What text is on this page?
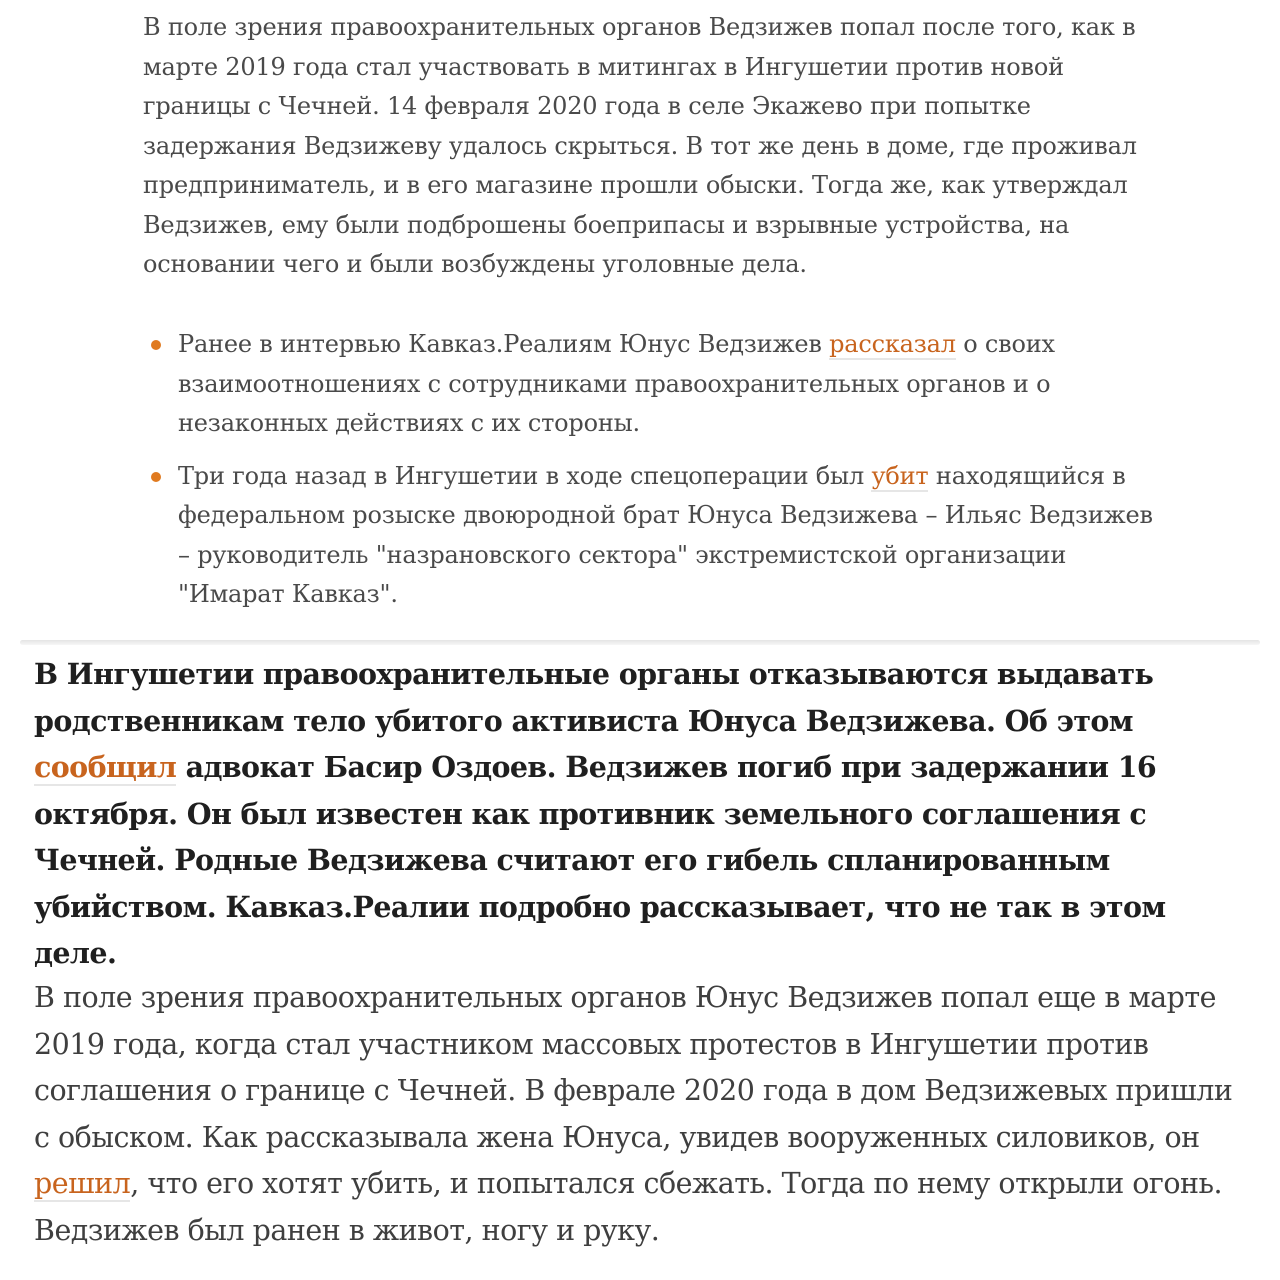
В поле зрения правоохранительных органов Ведзижев попал после того, как в марте 2019 года стал участвовать в митингах в Ингушетии против новой границы с Чечней. 14 февраля 2020 года в селе Экажево при попытке задержания Ведзижеву удалось скрыться. В тот же день в доме, где проживал предприниматель, и в его магазине прошли обыски. Тогда же, как утверждал Ведзижев, ему были подброшены боеприпасы и взрывные устройства, на основании чего и были возбуждены уголовные дела.

Ранее в интервью Кавказ.Реалиям Юнус Ведзижев рассказал о своих взаимоотношениях с сотрудниками правоохранительных органов и о незаконных действиях с их стороны.
Три года назад в Ингушетии в ходе спецоперации был убит находящийся в федеральном розыске двоюродной брат Юнуса Ведзижева – Ильяс Ведзижев – руководитель "назрановского сектора" экстремистской организации "Имарат Кавказ".

В Ингушетии правоохранительные органы отказываются выдавать родственникам тело убитого активиста Юнуса Ведзижева. Об этом сообщил адвокат Басир Оздоев. Ведзижев погиб при задержании 16 октября. Он был известен как противник земельного соглашения с Чечней. Родные Ведзижева считают его гибель спланированным убийством. Кавказ.Реалии подробно рассказывает, что не так в этом деле.

В поле зрения правоохранительных органов Юнус Ведзижев попал еще в марте 2019 года, когда стал участником массовых протестов в Ингушетии против соглашения о границе с Чечней. В феврале 2020 года в дом Ведзижевых пришли с обыском. Как рассказывала жена Юнуса, увидев вооруженных силовиков, он решил, что его хотят убить, и попытался сбежать. Тогда по нему открыли огонь. Ведзижев был ранен в живот, ногу и руку.
